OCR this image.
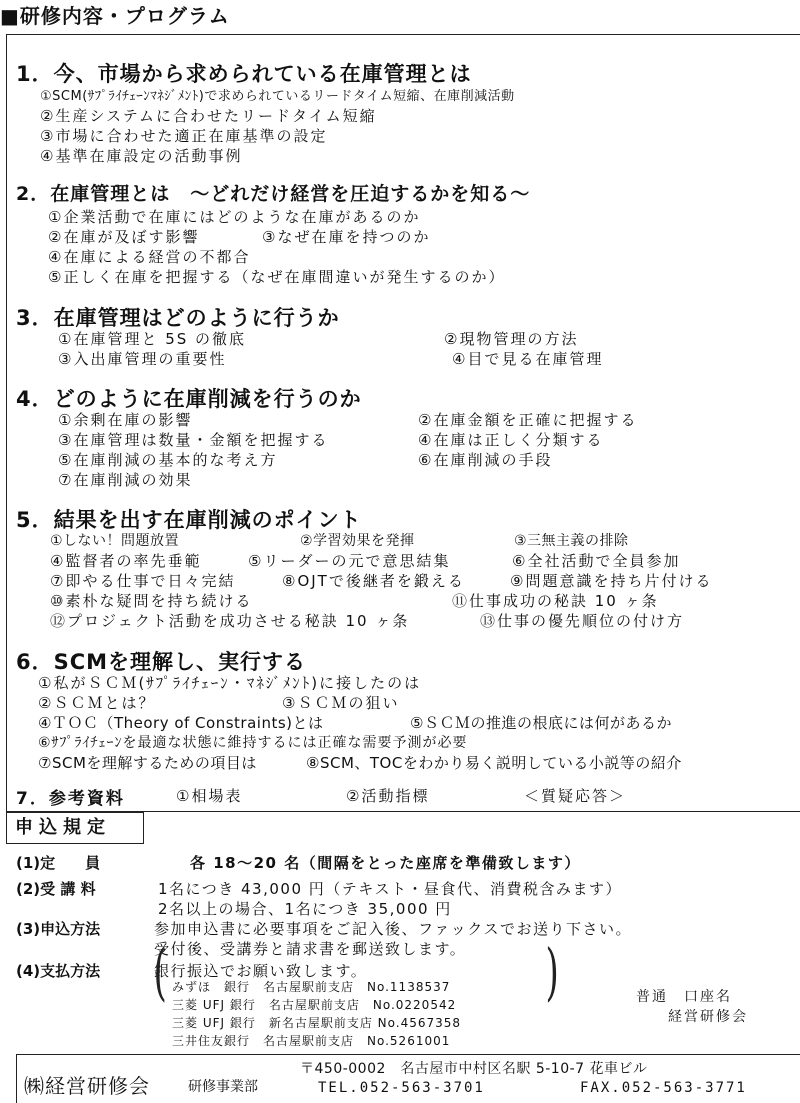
■研修内容・プログラム
1．今、市場から求められている在庫管理とは
①SCM(ｻﾌﾟﾗｲﾁｪｰﾝﾏﾈｼﾞﾒﾝﾄ)で求められているリードタイム短縮、在庫削減活動
②生産システムに合わせたリードタイム短縮
③市場に合わせた適正在庫基準の設定
④基準在庫設定の活動事例
2．在庫管理とは　～どれだけ経営を圧迫するかを知る～
①企業活動で在庫にはどのような在庫があるのか
②在庫が及ぼす影響	③なぜ在庫を持つのか
④在庫による経営の不都合
⑤正しく在庫を把握する（なぜ在庫間違いが発生するのか）
3．在庫管理はどのように行うか
①在庫管理と 5S の徹底	②現物管理の方法
③入出庫管理の重要性	④目で見る在庫管理
4．どのように在庫削減を行うのか
①余剰在庫の影響	②在庫金額を正確に把握する
③在庫管理は数量・金額を把握する	④在庫は正しく分類する
⑤在庫削減の基本的な考え方	⑥在庫削減の手段
⑦在庫削減の効果
5．結果を出す在庫削減のポイント
①しない！問題放置	②学習効果を発揮	③三無主義の排除
④監督者の率先垂範	⑤リーダーの元で意思結集	⑥全社活動で全員参加
⑦即やる仕事で日々完結	⑧OJTで後継者を鍛える	⑨問題意識を持ち片付ける
⑩素朴な疑問を持ち続ける	⑪仕事成功の秘訣 10 ヶ条
⑫プロジェクト活動を成功させる秘訣 10 ヶ条	⑬仕事の優先順位の付け方
6．SCMを理解し、実行する
①私がＳＣＭ(ｻﾌﾟﾗｲﾁｪｰﾝ・ﾏﾈｼﾞﾒﾝﾄ)に接したのは
②ＳＣＭとは？	③ＳＣＭの狙い
④ＴＯＣ（Theory of Constraints)とは	⑤ＳＣＭの推進の根底には何があるか
⑥ｻﾌﾟﾗｲﾁｪｰﾝを最適な状態に維持するには正確な需要予測が必要
⑦SCMを理解するための項目は	⑧SCM、TOCをわかり易く説明している小説等の紹介
7．参考資料	①相場表	②活動指標	＜質疑応答＞
申込規定
(1)定　　員	各 18～20 名（間隔をとった座席を準備致します）
(2)受 講 料	1名につき 43,000 円（テキスト・昼食代、消費税含みます）
2名以上の場合、1名につき 35,000 円
(3)申込方法	参加申込書に必要事項をご記入後、ファックスでお送り下さい。
受付後、受講券と請求書を郵送致します。
(4)支払方法	銀行振込でお願い致します。
( みずほ　銀行　名古屋駅前支店　No.1138537
三菱 UFJ 銀行　名古屋駅前支店　No.0220542
三菱 UFJ 銀行　新名古屋駅前支店 No.4567358
三井住友銀行　名古屋駅前支店　No.5261001
)	普通　口座名
経営研修会
㈱経営研修会	研修事業部
〒450-0002　名古屋市中村区名駅 5-10-7 花車ビル
TEL.052-563-3701	FAX.052-563-3771
